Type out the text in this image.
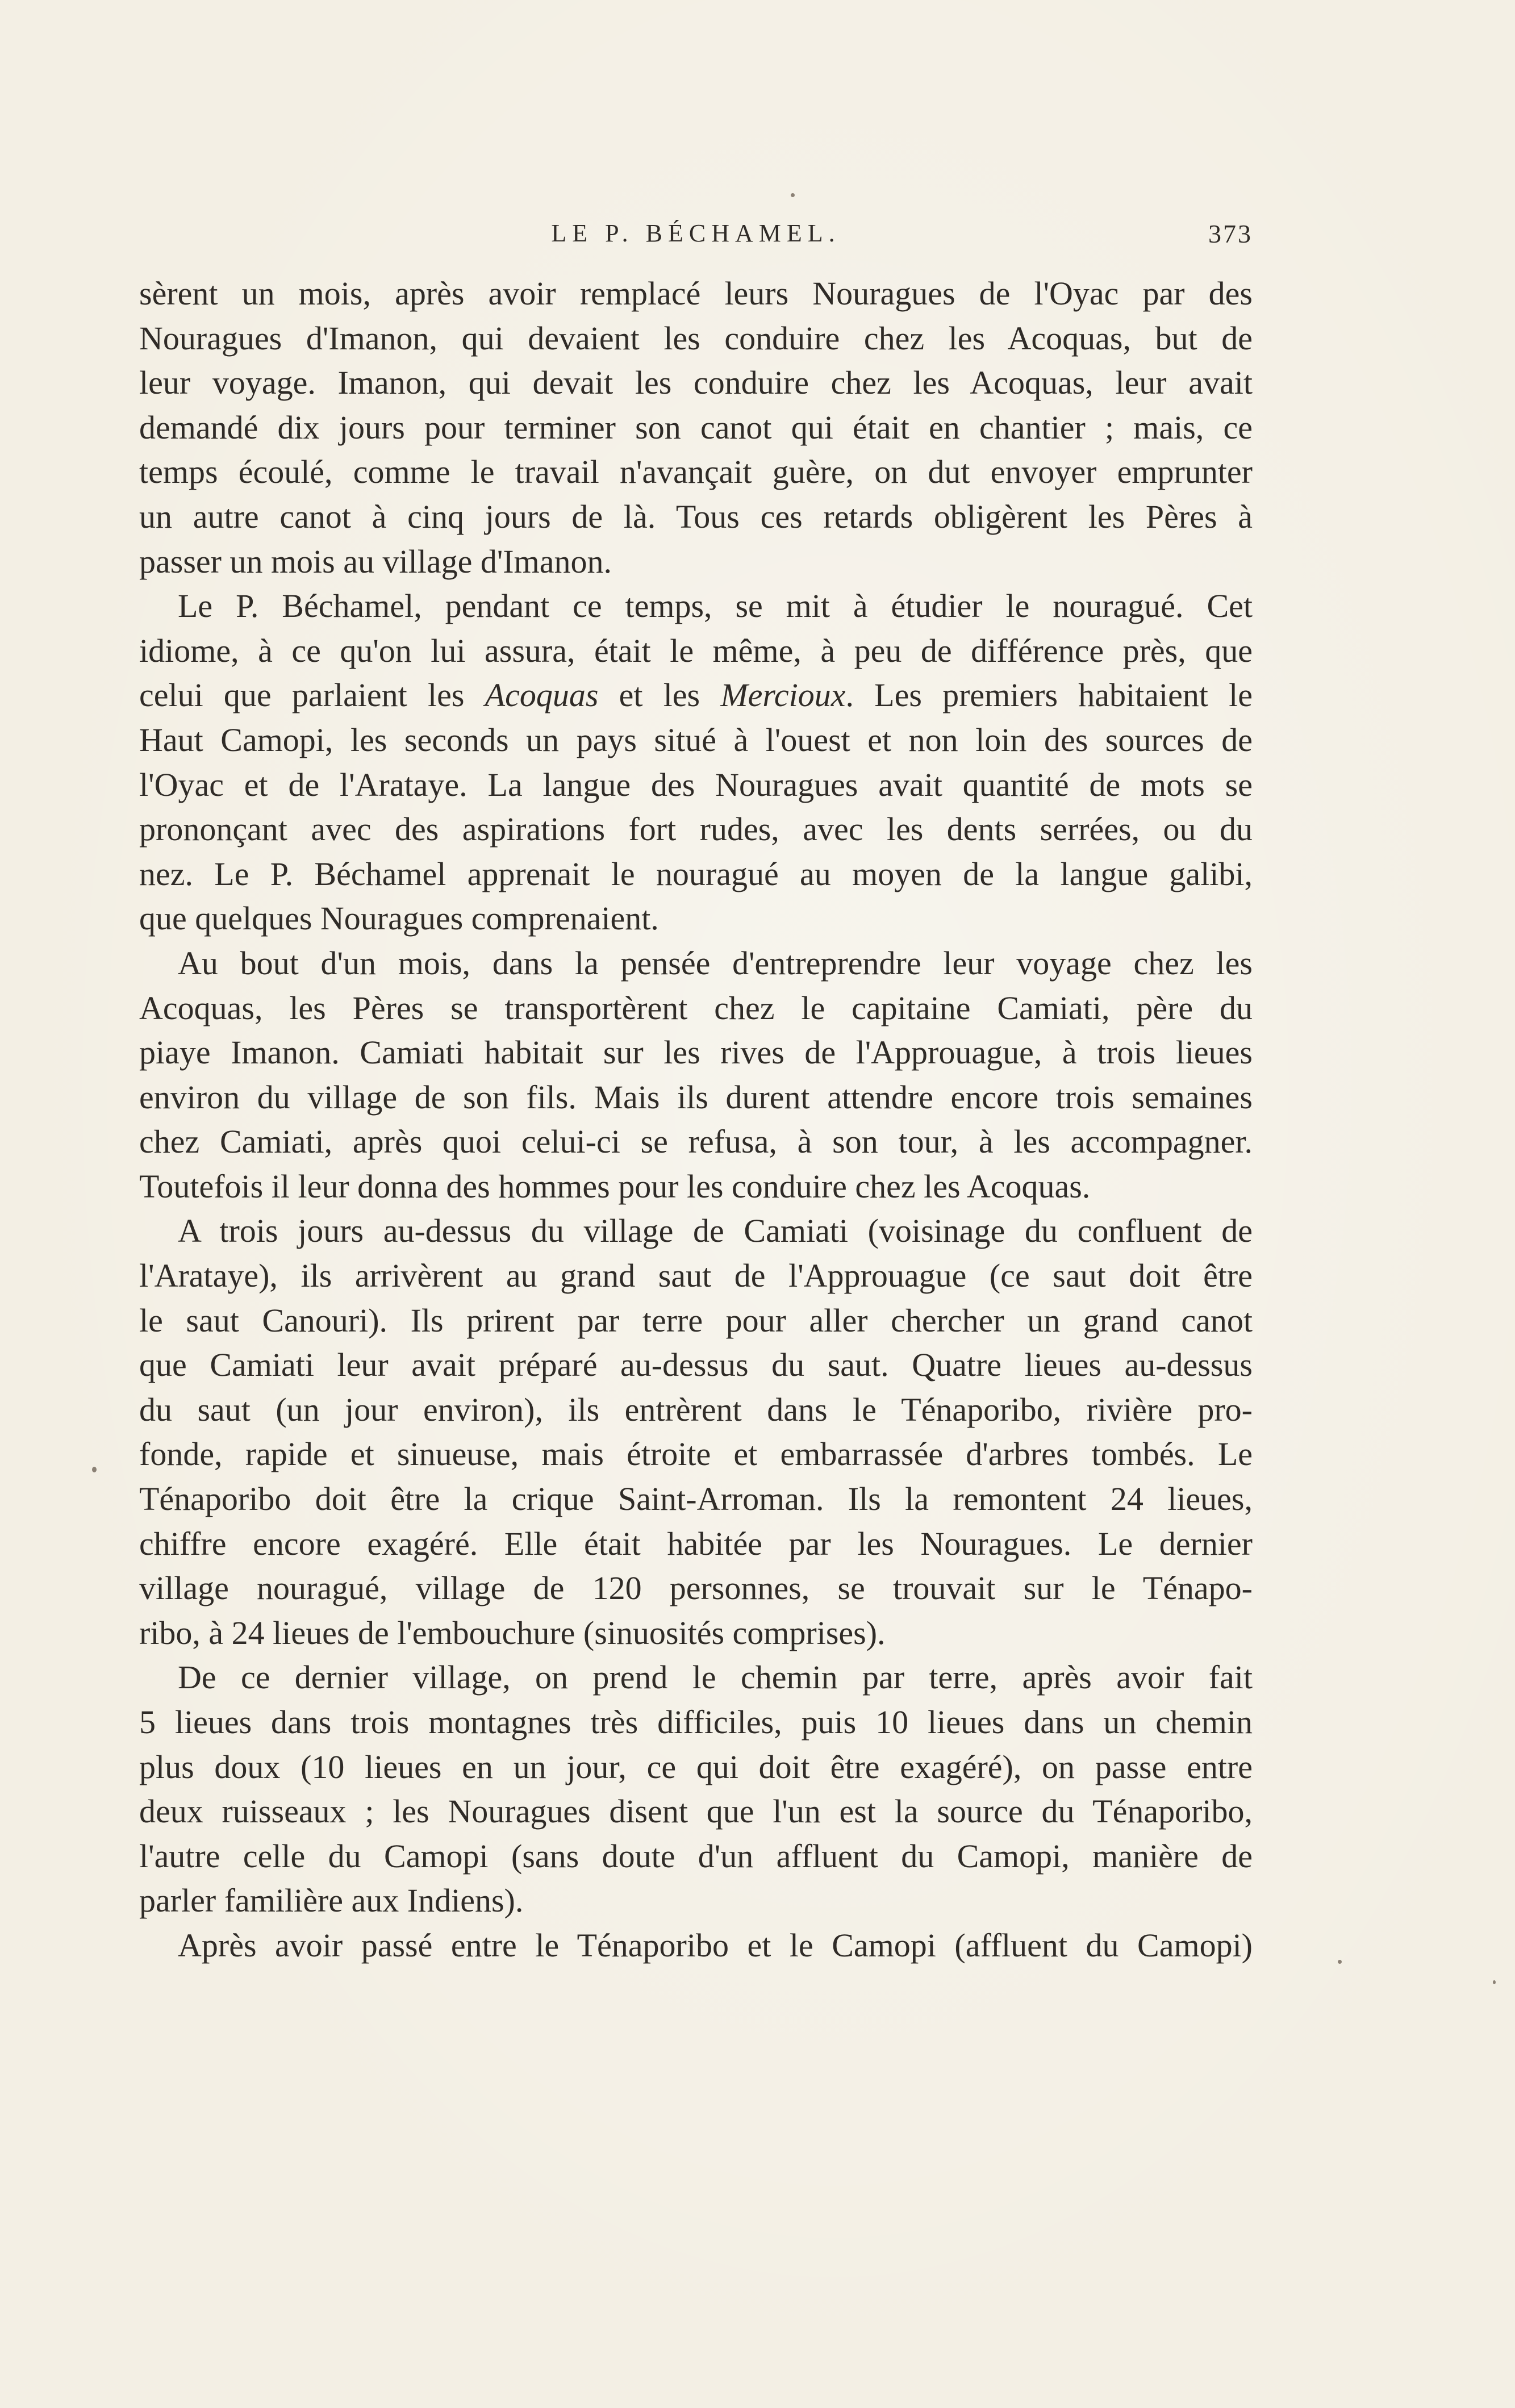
LE P. BÉCHAMEL.	373
sèrent un mois, après avoir remplacé leurs Nouragues de l'Oyac par des
Nouragues d'Imanon, qui devaient les conduire chez les Acoquas, but de
leur voyage. Imanon, qui devait les conduire chez les Acoquas, leur avait
demandé dix jours pour terminer son canot qui était en chantier ; mais, ce
temps écoulé, comme le travail n'avançait guère, on dut envoyer emprunter
un autre canot à cinq jours de là. Tous ces retards obligèrent les Pères à
passer un mois au village d'Imanon.
Le P. Béchamel, pendant ce temps, se mit à étudier le nouragué. Cet
idiome, à ce qu'on lui assura, était le même, à peu de différence près, que
celui que parlaient les Acoquas et les Mercioux. Les premiers habitaient le
Haut Camopi, les seconds un pays situé à l'ouest et non loin des sources de
l'Oyac et de l'Arataye. La langue des Nouragues avait quantité de mots se
prononçant avec des aspirations fort rudes, avec les dents serrées, ou du
nez. Le P. Béchamel apprenait le nouragué au moyen de la langue galibi,
que quelques Nouragues comprenaient.
Au bout d'un mois, dans la pensée d'entreprendre leur voyage chez les
Acoquas, les Pères se transportèrent chez le capitaine Camiati, père du
piaye Imanon. Camiati habitait sur les rives de l'Approuague, à trois lieues
environ du village de son fils. Mais ils durent attendre encore trois semaines
chez Camiati, après quoi celui-ci se refusa, à son tour, à les accompagner.
Toutefois il leur donna des hommes pour les conduire chez les Acoquas.
A trois jours au-dessus du village de Camiati (voisinage du confluent de
l'Arataye), ils arrivèrent au grand saut de l'Approuague (ce saut doit être
le saut Canouri). Ils prirent par terre pour aller chercher un grand canot
que Camiati leur avait préparé au-dessus du saut. Quatre lieues au-dessus
du saut (un jour environ), ils entrèrent dans le Ténaporibo, rivière pro-
fonde, rapide et sinueuse, mais étroite et embarrassée d'arbres tombés. Le
Ténaporibo doit être la crique Saint-Arroman. Ils la remontent 24 lieues,
chiffre encore exagéré. Elle était habitée par les Nouragues. Le dernier
village nouragué, village de 120 personnes, se trouvait sur le Ténapo-
ribo, à 24 lieues de l'embouchure (sinuosités comprises).
De ce dernier village, on prend le chemin par terre, après avoir fait
5 lieues dans trois montagnes très difficiles, puis 10 lieues dans un chemin
plus doux (10 lieues en un jour, ce qui doit être exagéré), on passe entre
deux ruisseaux ; les Nouragues disent que l'un est la source du Ténaporibo,
l'autre celle du Camopi (sans doute d'un affluent du Camopi, manière de
parler familière aux Indiens).
Après avoir passé entre le Ténaporibo et le Camopi (affluent du Camopi)
